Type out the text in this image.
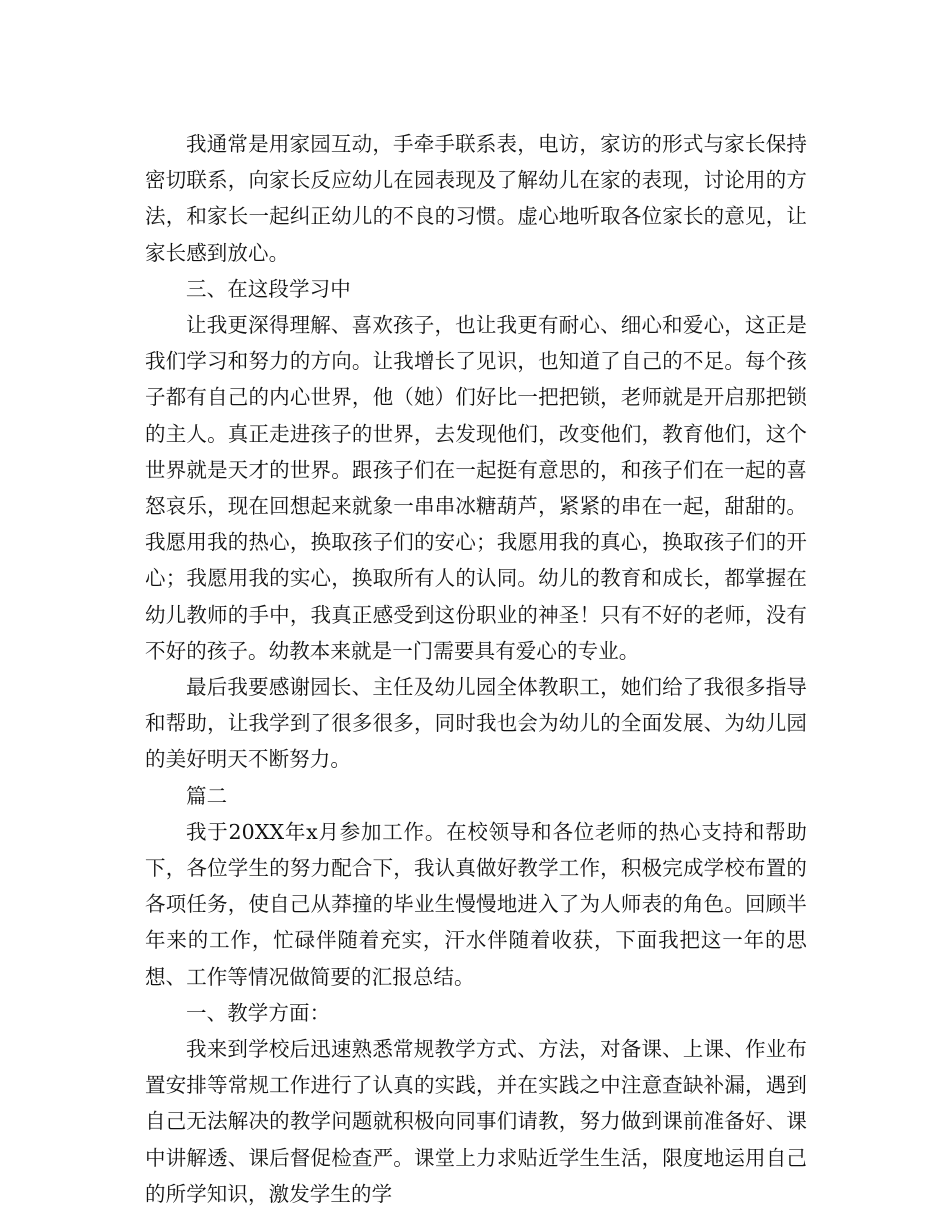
我通常是用家园互动，手牵手联系表，电访，家访的形式与家长保持密切联系，向家长反应幼儿在园表现及了解幼儿在家的表现，讨论用的方法，和家长一起纠正幼儿的不良的习惯。虚心地听取各位家长的意见，让家长感到放心。

三、在这段学习中

让我更深得理解、喜欢孩子，也让我更有耐心、细心和爱心，这正是我们学习和努力的方向。让我增长了见识，也知道了自己的不足。每个孩子都有自己的内心世界，他（她）们好比一把把锁，老师就是开启那把锁的主人。真正走进孩子的世界，去发现他们，改变他们，教育他们，这个世界就是天才的世界。跟孩子们在一起挺有意思的，和孩子们在一起的喜怒哀乐，现在回想起来就象一串串冰糖葫芦，紧紧的串在一起，甜甜的。我愿用我的热心，换取孩子们的安心；我愿用我的真心，换取孩子们的开心；我愿用我的实心，换取所有人的认同。幼儿的教育和成长，都掌握在幼儿教师的手中，我真正感受到这份职业的神圣！只有不好的老师，没有不好的孩子。幼教本来就是一门需要具有爱心的专业。

最后我要感谢园长、主任及幼儿园全体教职工，她们给了我很多指导和帮助，让我学到了很多很多，同时我也会为幼儿的全面发展、为幼儿园的美好明天不断努力。

篇二

我于20XX年x月参加工作。在校领导和各位老师的热心支持和帮助下，各位学生的努力配合下，我认真做好教学工作，积极完成学校布置的各项任务，使自己从莽撞的毕业生慢慢地进入了为人师表的角色。回顾半年来的工作，忙碌伴随着充实，汗水伴随着收获，下面我把这一年的思想、工作等情况做简要的汇报总结。

一、教学方面：

我来到学校后迅速熟悉常规教学方式、方法，对备课、上课、作业布置安排等常规工作进行了认真的实践，并在实践之中注意查缺补漏，遇到自己无法解决的教学问题就积极向同事们请教，努力做到课前准备好、课中讲解透、课后督促检查严。课堂上力求贴近学生生活，限度地运用自己的所学知识，激发学生的学
